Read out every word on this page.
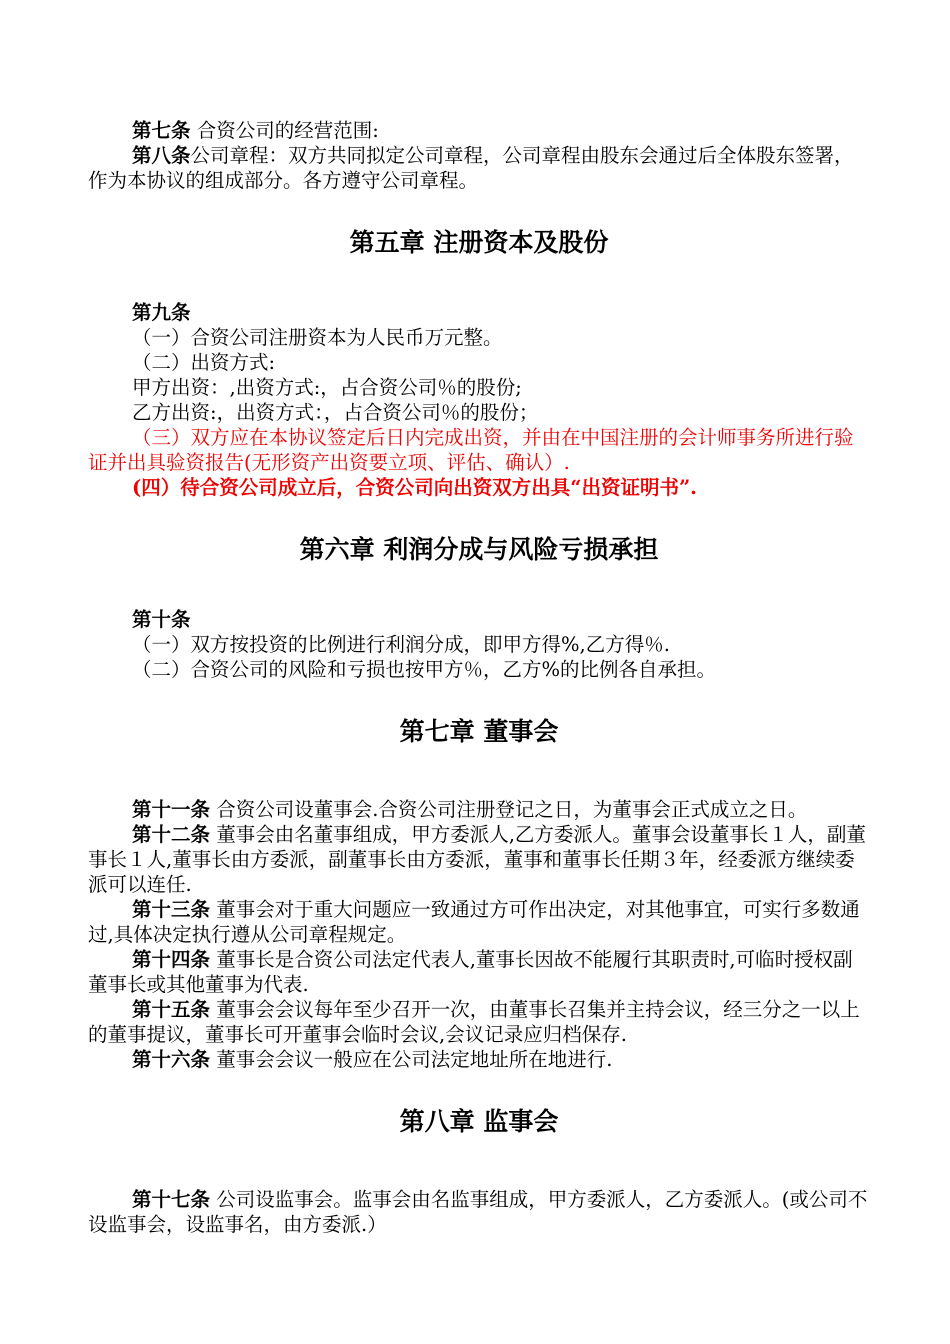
第七条 合资公司的经营范围:

第八条公司章程：双方共同拟定公司章程，公司章程由股东会通过后全体股东签署，作为本协议的组成部分。各方遵守公司章程。

第五章 注册资本及股份

第九条

（一）合资公司注册资本为人民币万元整。

（二）出资方式:

甲方出资：,出资方式:，占合资公司％的股份;

乙方出资:，出资方式：，占合资公司％的股份；

（三）双方应在本协议签定后日内完成出资，并由在中国注册的会计师事务所进行验证并出具验资报告(无形资产出资要立项、评估、确认）.

(四）待合资公司成立后，合资公司向出资双方出具“出资证明书”.

第六章 利润分成与风险亏损承担

第十条

（一）双方按投资的比例进行利润分成，即甲方得%,乙方得％.

（二）合资公司的风险和亏损也按甲方％，乙方%的比例各自承担。

第七章 董事会

第十一条 合资公司设董事会.合资公司注册登记之日，为董事会正式成立之日。

第十二条 董事会由名董事组成，甲方委派人,乙方委派人。董事会设董事长１人，副董事长１人,董事长由方委派，副董事长由方委派，董事和董事长任期３年，经委派方继续委派可以连任.

第十三条 董事会对于重大问题应一致通过方可作出决定，对其他事宜，可实行多数通过,具体决定执行遵从公司章程规定。

第十四条 董事长是合资公司法定代表人,董事长因故不能履行其职责时,可临时授权副董事长或其他董事为代表.

第十五条 董事会会议每年至少召开一次，由董事长召集并主持会议，经三分之一以上的董事提议，董事长可开董事会临时会议,会议记录应归档保存.

第十六条 董事会会议一般应在公司法定地址所在地进行.

第八章 监事会

第十七条 公司设监事会。监事会由名监事组成，甲方委派人，乙方委派人。(或公司不设监事会，设监事名，由方委派.）
